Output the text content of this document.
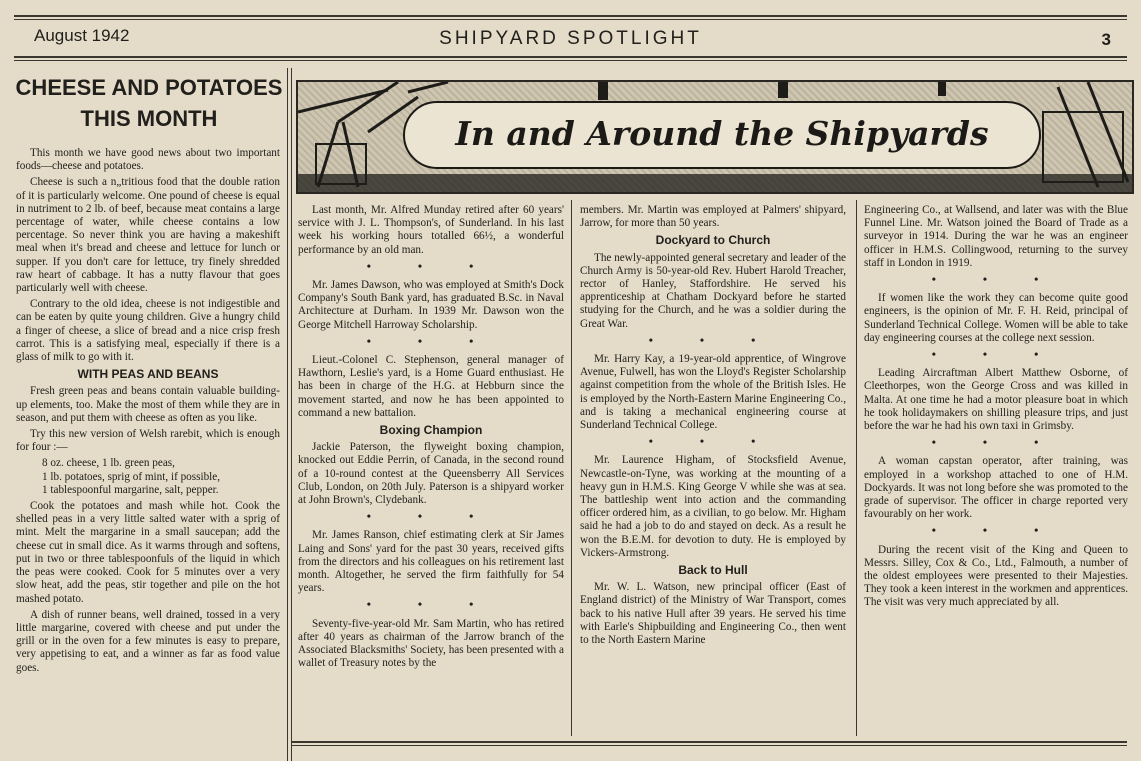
August 1942	SHIPYARD SPOTLIGHT	3
CHEESE AND POTATOES
THIS MONTH

This month we have good news about two important foods—cheese and potatoes.

Cheese is such a n„tritious food that the double ration of it is particularly welcome. One pound of cheese is equal in nutriment to 2 lb. of beef, because meat contains a large percentage of water, while cheese contains a low percentage. So never think you are having a makeshift meal when it's bread and cheese and lettuce for lunch or supper. If you don't care for lettuce, try finely shredded raw heart of cabbage. It has a nutty flavour that goes particularly well with cheese.

Contrary to the old idea, cheese is not indigestible and can be eaten by quite young children. Give a hungry child a finger of cheese, a slice of bread and a nice crisp fresh carrot. This is a satisfying meal, especially if there is a glass of milk to go with it.

WITH PEAS AND BEANS

Fresh green peas and beans contain valuable building-up elements, too. Make the most of them while they are in season, and put them with cheese as often as you like.

Try this new version of Welsh rarebit, which is enough for four :—

8 oz. cheese, 1 lb. green peas,

1 lb. potatoes, sprig of mint, if possible,

1 tablespoonful margarine, salt, pepper.

Cook the potatoes and mash while hot. Cook the shelled peas in a very little salted water with a sprig of mint. Melt the margarine in a small saucepan; add the cheese cut in small dice. As it warms through and softens, put in two or three tablespoonfuls of the liquid in which the peas were cooked. Cook for 5 minutes over a very slow heat, add the peas, stir together and pile on the hot mashed potato.

A dish of runner beans, well drained, tossed in a very little margarine, covered with cheese and put under the grill or in the oven for a few minutes is easy to prepare, very appetising to eat, and a winner as far as food value goes.

In and Around the Shipyards

Last month, Mr. Alfred Munday retired after 60 years' service with J. L. Thompson's, of Sunderland. In his last week his working hours totalled 66½, a wonderful performance by an old man.

• • •

Mr. James Dawson, who was employed at Smith's Dock Company's South Bank yard, has graduated B.Sc. in Naval Architecture at Durham. In 1939 Mr. Dawson won the George Mitchell Harroway Scholarship.

• • •

Lieut.-Colonel C. Stephenson, general manager of Hawthorn, Leslie's yard, is a Home Guard enthusiast. He has been in charge of the H.G. at Hebburn since the movement started, and now he has been appointed to command a new battalion.

Boxing Champion

Jackie Paterson, the flyweight boxing champion, knocked out Eddie Perrin, of Canada, in the second round of a 10-round contest at the Queensberry All Services Club, London, on 20th July. Paterson is a shipyard worker at John Brown's, Clydebank.

• • •

Mr. James Ranson, chief estimating clerk at Sir James Laing and Sons' yard for the past 30 years, received gifts from the directors and his colleagues on his retirement last month. Altogether, he served the firm faithfully for 54 years.

• • •

Seventy-five-year-old Mr. Sam Martin, who has retired after 40 years as chairman of the Jarrow branch of the Associated Blacksmiths' Society, has been presented with a wallet of Treasury notes by the

members. Mr. Martin was employed at Palmers' shipyard, Jarrow, for more than 50 years.

Dockyard to Church

The newly-appointed general secretary and leader of the Church Army is 50-year-old Rev. Hubert Harold Treacher, rector of Hanley, Staffordshire. He served his apprenticeship at Chatham Dockyard before he started studying for the Church, and he was a soldier during the Great War.

• • •

Mr. Harry Kay, a 19-year-old apprentice, of Wingrove Avenue, Fulwell, has won the Lloyd's Register Scholarship against competition from the whole of the British Isles. He is employed by the North-Eastern Marine Engineering Co., and is taking a mechanical engineering course at Sunderland Technical College.

• • •

Mr. Laurence Higham, of Stocksfield Avenue, Newcastle-on-Tyne, was working at the mounting of a heavy gun in H.M.S. King George V while she was at sea. The battleship went into action and the commanding officer ordered him, as a civilian, to go below. Mr. Higham said he had a job to do and stayed on deck. As a result he won the B.E.M. for devotion to duty. He is employed by Vickers-Armstrong.

Back to Hull

Mr. W. L. Watson, new principal officer (East of England district) of the Ministry of War Transport, comes back to his native Hull after 39 years. He served his time with Earle's Shipbuilding and Engineering Co., then went to the North Eastern Marine

Engineering Co., at Wallsend, and later was with the Blue Funnel Line. Mr. Watson joined the Board of Trade as a surveyor in 1914. During the war he was an engineer officer in H.M.S. Collingwood, returning to the survey staff in London in 1919.

• • •

If women like the work they can become quite good engineers, is the opinion of Mr. F. H. Reid, principal of Sunderland Technical College. Women will be able to take day engineering courses at the college next session.

• • •

Leading Aircraftman Albert Matthew Osborne, of Cleethorpes, won the George Cross and was killed in Malta. At one time he had a motor pleasure boat in which he took holidaymakers on shilling pleasure trips, and just before the war he had his own taxi in Grimsby.

• • •

A woman capstan operator, after training, was employed in a workshop attached to one of H.M. Dockyards. It was not long before she was promoted to the grade of supervisor. The officer in charge reported very favourably on her work.

• • •

During the recent visit of the King and Queen to Messrs. Silley, Cox & Co., Ltd., Falmouth, a number of the oldest employees were presented to their Majesties. They took a keen interest in the workmen and apprentices. The visit was very much appreciated by all.
